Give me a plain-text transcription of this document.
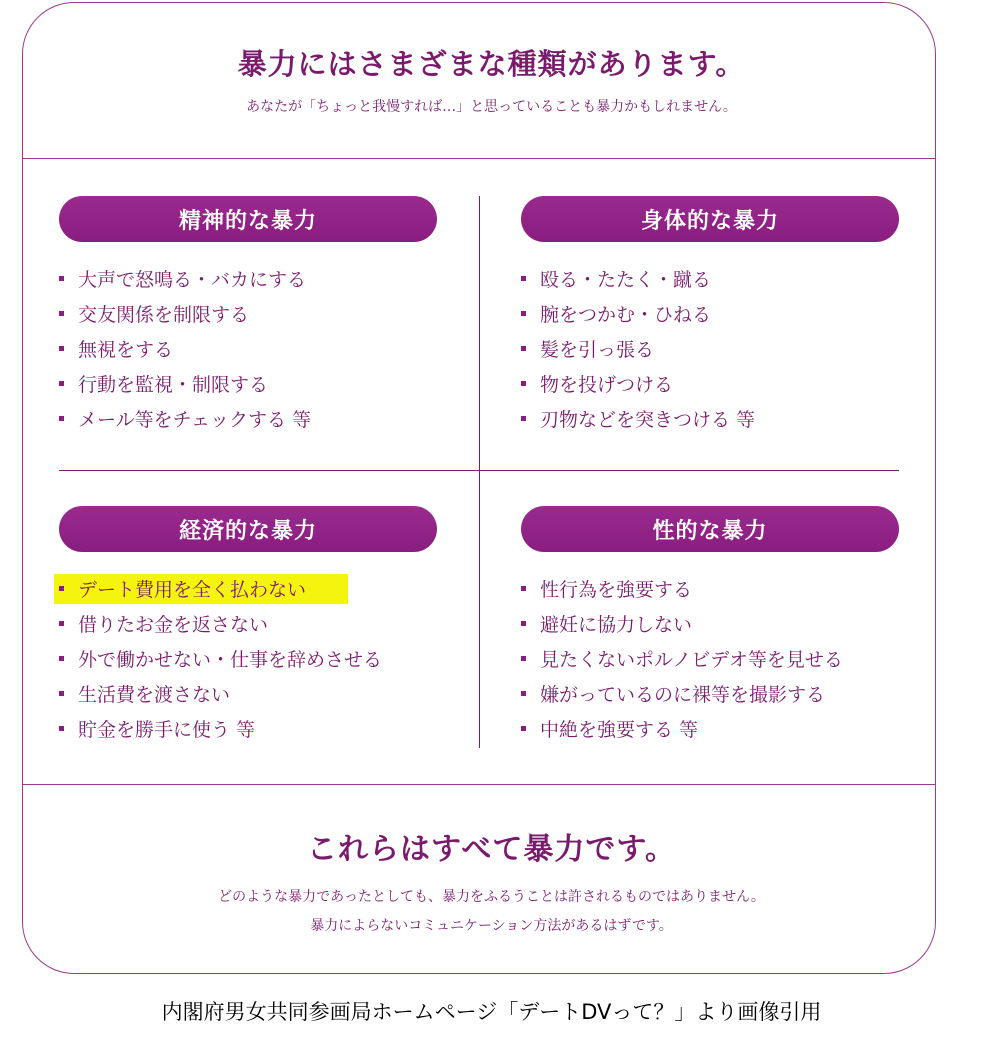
暴力にはさまざまな種類があります。
あなたが「ちょっと我慢すれば…」と思っていることも暴力かもしれません。
精神的な暴力
大声で怒鳴る・バカにする
交友関係を制限する
無視をする
行動を監視・制限する
メール等をチェックする 等
身体的な暴力
殴る・たたく・蹴る
腕をつかむ・ひねる
髪を引っ張る
物を投げつける
刃物などを突きつける 等
経済的な暴力
デート費用を全く払わない
借りたお金を返さない
外で働かせない・仕事を辞めさせる
生活費を渡さない
貯金を勝手に使う 等
性的な暴力
性行為を強要する
避妊に協力しない
見たくないポルノビデオ等を見せる
嫌がっているのに裸等を撮影する
中絶を強要する 等
これらはすべて暴力です。
どのような暴力であったとしても、暴力をふるうことは許されるものではありません。
暴力によらないコミュニケーション方法があるはずです。
内閣府男女共同参画局ホームページ「デートDVって？」より画像引用
